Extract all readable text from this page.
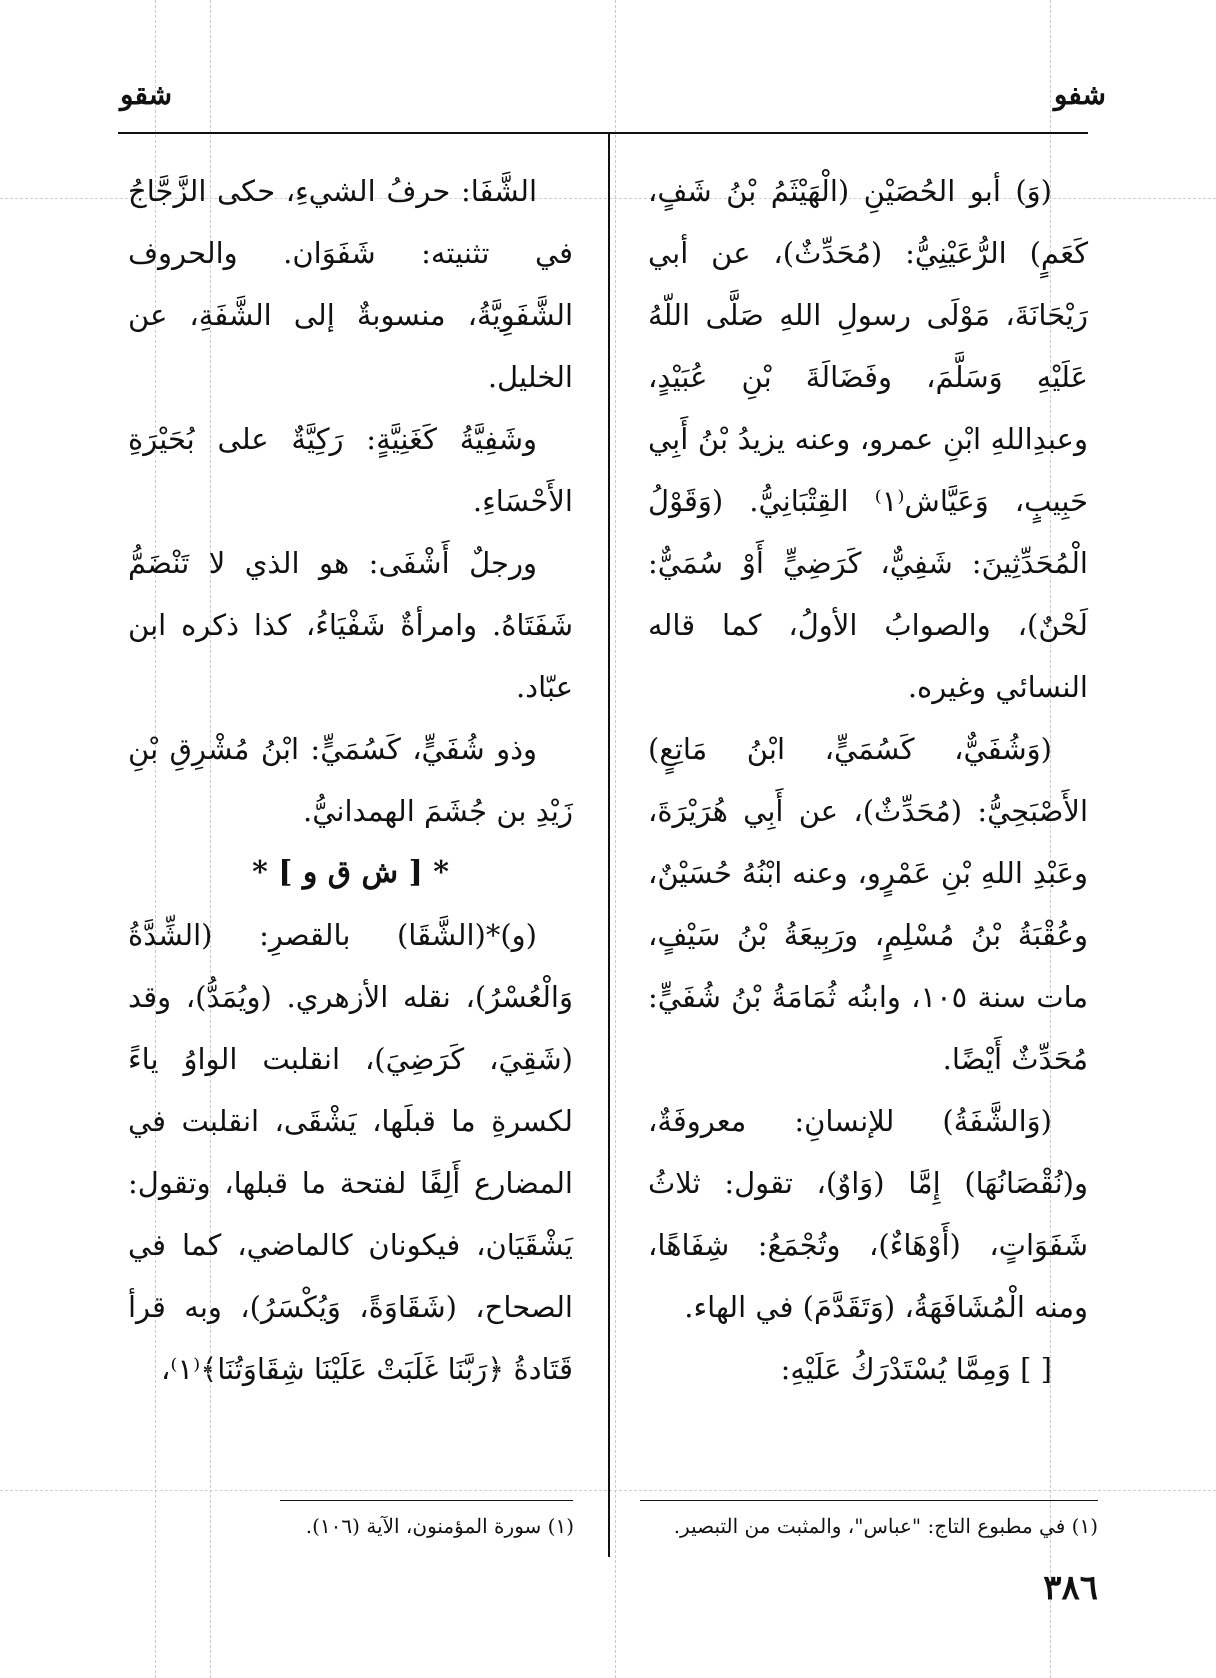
شفو
شقو

(وَ) أبو الحُصَيْنِ (الْهَيْثَمُ بْنُ شَفٍ، كَعَمٍ) الرُّعَيْنِيُّ: (مُحَدِّثٌ)، عن أبي رَيْحَانَةَ، مَوْلَى رسولِ اللهِ صَلَّى اللّهُ عَلَيْهِ وَسَلَّمَ، وفَضَالَةَ بْنِ عُبَيْدٍ، وعبدِاللهِ ابْنِ عمرو، وعنه يزيدُ بْنُ أَبِي حَبِيبٍ، وَعَيَّاش⁽١⁾ القِتْبَانِيُّ. (وَقَوْلُ الْمُحَدِّثِينَ: شَفِيٌّ، كَرَضِيٍّ أَوْ سُمَيٌّ: لَحْنٌ)، والصوابُ الأولُ، كما قاله النسائي وغيره.

(وَشُفَيٌّ، كَسُمَيٍّ، ابْنُ مَاتِعٍ) الأَصْبَحِيُّ: (مُحَدِّثٌ)، عن أَبِي هُرَيْرَةَ، وعَبْدِ اللهِ بْنِ عَمْرٍو، وعنه ابْنُهُ حُسَيْنٌ، وعُقْبَةُ بْنُ مُسْلِمٍ، ورَبِيعَةُ بْنُ سَيْفٍ، مات سنة ١٠٥، وابنُه ثُمَامَةُ بْنُ شُفَيٍّ: مُحَدِّثٌ أَيْضًا.

(وَالشَّفَةُ) للإنسانِ: معروفَةٌ، و(نُقْصَانُهَا) إِمَّا (وَاوٌ)، تقول: ثلاثُ شَفَوَاتٍ، (أَوْهَاءٌ)، وتُجْمَعُ: شِفَاهًا، ومنه الْمُشَافَهَةُ، (وَتَقَدَّمَ) في الهاء.

[ ] وَمِمَّا يُسْتَدْرَكُ عَلَيْهِ:

الشَّفَا: حرفُ الشيءِ، حكى الزَّجَّاجُ في تثنيته: شَفَوَان. والحروف الشَّفَوِيَّةُ، منسوبةٌ إلى الشَّفَةِ، عن الخليل.

وشَفِيَّةُ كَغَنِيَّةٍ: رَكِيَّةٌ على بُحَيْرَةِ الأَحْسَاءِ.

ورجلٌ أَشْفَى: هو الذي لا تَنْضَمُّ شَفَتَاهُ. وامرأةٌ شَفْيَاءُ، كذا ذكره ابن عبّاد.

وذو شُفَيٍّ، كَسُمَيٍّ: ابْنُ مُشْرِقِ بْنِ زَيْدِ بن جُشَمَ الهمدانيُّ.

* [ ش ق و ] *

(و)*(الشَّقَا) بالقصرِ: (الشِّدَّةُ وَالْعُسْرُ)، نقله الأزهري. (ويُمَدُّ)، وقد (شَقِيَ، كَرَضِيَ)، انقلبت الواوُ ياءً لكسرةِ ما قبلَها، يَشْقَى، انقلبت في المضارع أَلِفًا لفتحة ما قبلها، وتقول: يَشْقَيَان، فيكونان كالماضي، كما في الصحاح، (شَقَاوَةً، وَيُكْسَرُ)، وبه قرأ قَتَادةُ ﴿رَبَّنَا غَلَبَتْ عَلَيْنَا شِقَاوَتُنَا﴾⁽١⁾،

(١) في مطبوع التاج: "عباس"، والمثبت من التبصير.
(١) سورة المؤمنون، الآية (١٠٦).
٣٨٦
